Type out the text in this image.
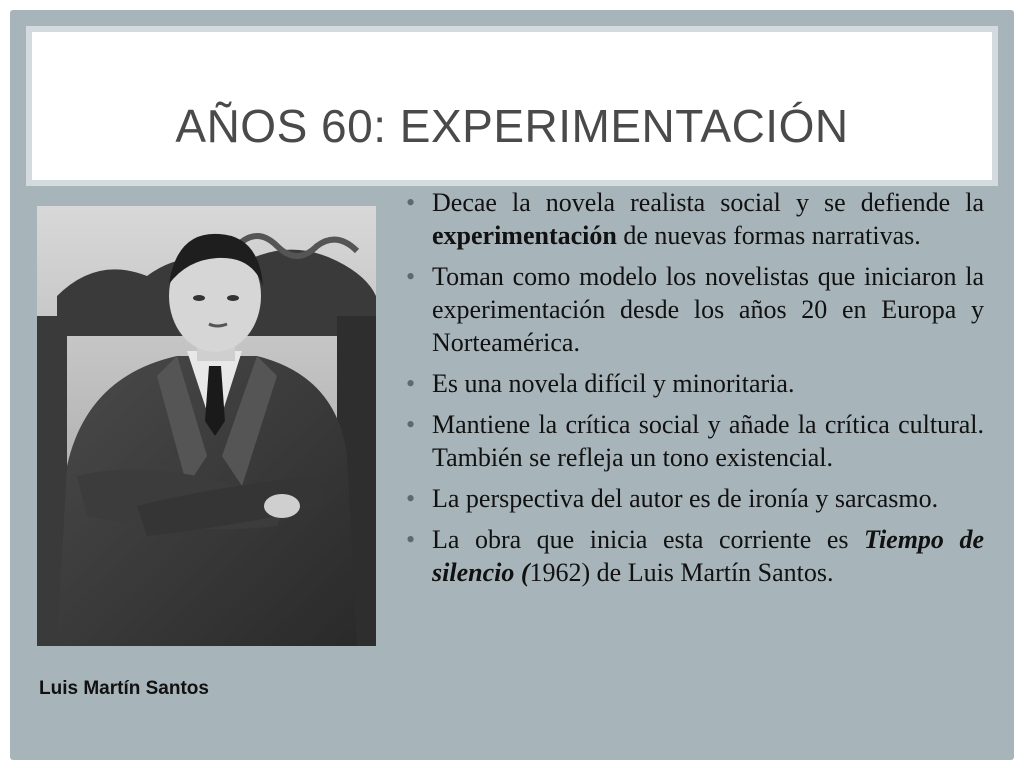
AÑOS 60: EXPERIMENTACIÓN
Luis Martín Santos
• Decae la novela realista social y se defiende la experimentación de nuevas formas narrativas.
• Toman como modelo los novelistas que iniciaron la experimentación desde los años 20 en Europa y Norteamérica.
• Es una novela difícil y minoritaria.
• Mantiene la crítica social y añade la crítica cultural. También se refleja un tono existencial.
• La perspectiva del autor es de ironía y sarcasmo.
• La obra que inicia esta corriente es Tiempo de silencio (1962) de Luis Martín Santos.
